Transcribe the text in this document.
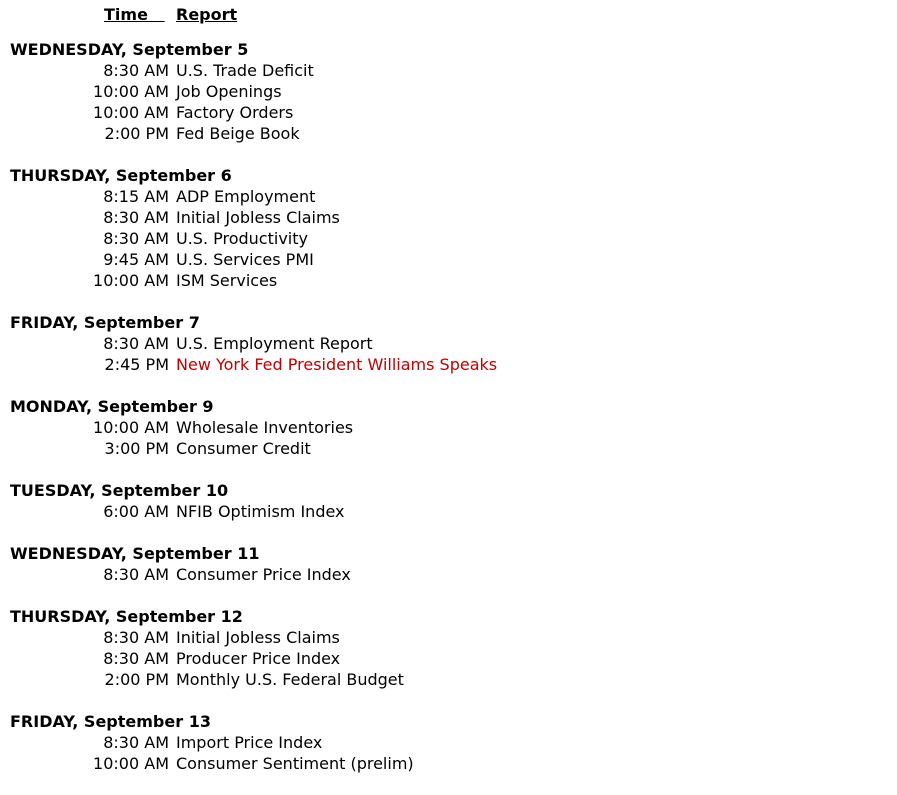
Time Report
WEDNESDAY, September 5
8:30 AM U.S. Trade Deficit
10:00 AM Job Openings
10:00 AM Factory Orders
2:00 PM Fed Beige Book
THURSDAY, September 6
8:15 AM ADP Employment
8:30 AM Initial Jobless Claims
8:30 AM U.S. Productivity
9:45 AM U.S. Services PMI
10:00 AM ISM Services
FRIDAY, September 7
8:30 AM U.S. Employment Report
2:45 PM New York Fed President Williams Speaks
MONDAY, September 9
10:00 AM Wholesale Inventories
3:00 PM Consumer Credit
TUESDAY, September 10
6:00 AM NFIB Optimism Index
WEDNESDAY, September 11
8:30 AM Consumer Price Index
THURSDAY, September 12
8:30 AM Initial Jobless Claims
8:30 AM Producer Price Index
2:00 PM Monthly U.S. Federal Budget
FRIDAY, September 13
8:30 AM Import Price Index
10:00 AM Consumer Sentiment (prelim)
